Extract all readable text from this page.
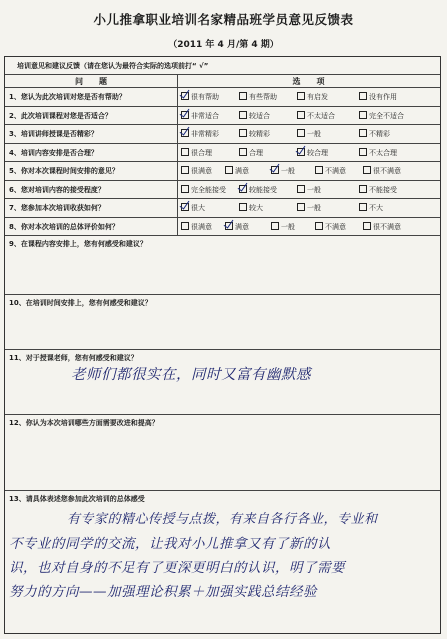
小儿推拿职业培训名家精品班学员意见反馈表
（2011 年 4 月/第 4 期）
培训意见和建议反馈（请在您认为最符合实际的选项前打“ √”
问　　题	选　　项
1、您认为此次培训对您是否有帮助？	很有帮助	有些帮助	有启发	没有作用
2、此次培训课程对您是否适合？	非常适合	较适合	不太适合	完全不适合
3、培训讲师授课是否精彩？	非常精彩	较精彩	一般	不精彩
4、培训内容安排是否合理？	很合理	合理	较合理	不太合理
5、你对本次课程时间安排的意见？	很满意	满意	一般	不满意	很不满意
6、您对培训内容的接受程度？	完全能接受	较能接受	一般	不能接受
7、您参加本次培训收获如何？	很大	较大	一般	不大
8、你对本次培训的总体评价如何？	很满意	满意	一般	不满意	很不满意
9、在课程内容安排上，您有何感受和建议？
10、在培训时间安排上，您有何感受和建议？
11、对于授课老师，您有何感受和建议？
老师们都很实在，同时又富有幽默感
12、你认为本次培训哪些方面需要改进和提高？
13、请具体表述您参加此次培训的总体感受
有专家的精心传授与点拨，有来自各行各业，专业和
不专业的同学的交流，让我对小儿推拿又有了新的认
识，也对自身的不足有了更深更明白的认识，明了需要
努力的方向——加强理论积累＋加强实践总结经验
